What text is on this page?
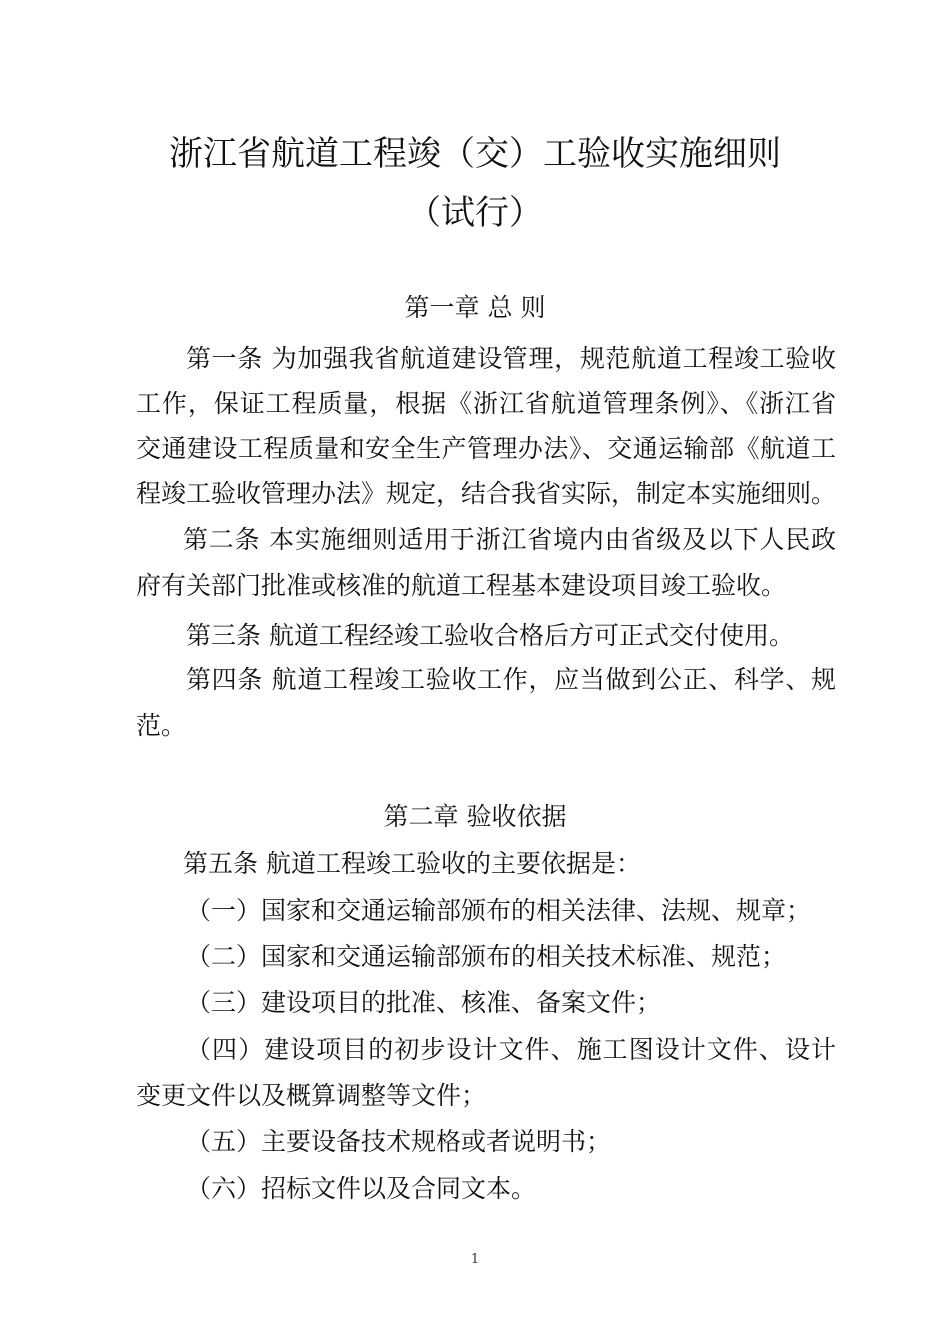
浙江省航道工程竣（交）工验收实施细则
（试行）
第一章 总 则
第一条 为加强我省航道建设管理，规范航道工程竣工验收
工作，保证工程质量，根据《浙江省航道管理条例》、《浙江省
交通建设工程质量和安全生产管理办法》、交通运输部《航道工
程竣工验收管理办法》规定，结合我省实际，制定本实施细则。
第二条 本实施细则适用于浙江省境内由省级及以下人民政
府有关部门批准或核准的航道工程基本建设项目竣工验收。
第三条 航道工程经竣工验收合格后方可正式交付使用。
第四条 航道工程竣工验收工作，应当做到公正、科学、规
范。
第二章 验收依据
第五条 航道工程竣工验收的主要依据是：
（一）国家和交通运输部颁布的相关法律、法规、规章；
（二）国家和交通运输部颁布的相关技术标准、规范；
（三）建设项目的批准、核准、备案文件；
（四）建设项目的初步设计文件、施工图设计文件、设计
变更文件以及概算调整等文件；
（五）主要设备技术规格或者说明书；
（六）招标文件以及合同文本。
1
